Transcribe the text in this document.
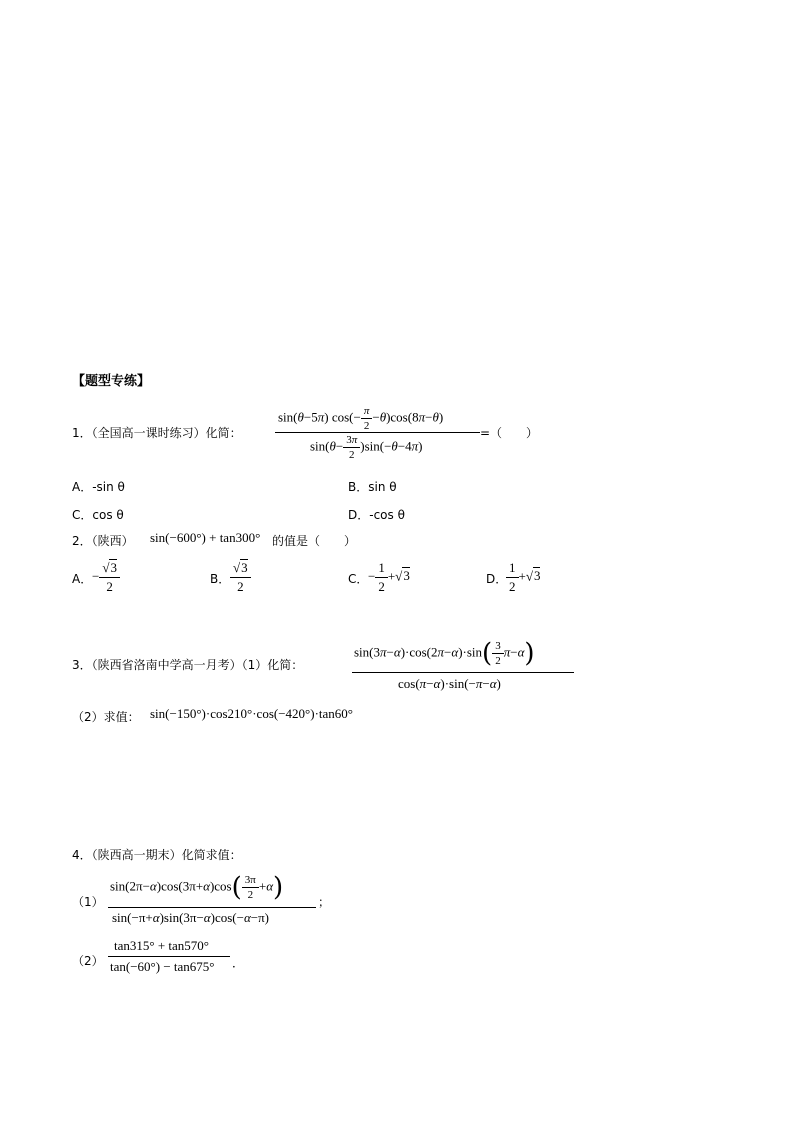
【题型专练】
1．（全国高一课时练习）化简：
sin(θ−5π) $\cos(- \frac{\pi}{2} -\theta)\cos(8\pi-\theta)$
$\sin(\theta- \frac{3\pi}{2} )\sin(-\theta-4\pi)$
=（　　）
A．-sin θ	B．sin θ
C．cos θ	D．-cos θ
2．（陕西） sin(−600°) + tan300° 的值是（　　）
A． − $\frac{√3}{2}$	B． $\frac{√3}{2}$	C． − $\frac{1}{2} +√3$	D．
$\frac{1}{2} +√3$
3．（陕西省洛南中学高一月考）（1）化简：
$\sin(3\pi-\alpha)\cdot\cos(2\pi-\alpha)\cdot\sin( \frac{3}{2} \pi-\alpha)$
cos(π−α)·sin(−π−α)
（2）求值： sin(−150°)·cos210°·cos(−420°)·tan60°
4．（陕西高一期末）化简求值：
（1）
$\sin(2\pi-\alpha)\cos(3\pi+\alpha)\cos( \frac{3\pi}{2} +\alpha)$
sin(−π+α)sin(3π−α)cos(−α−π)
；
（2）
tan315° + tan570°
tan(−60°) − tan675° ．
